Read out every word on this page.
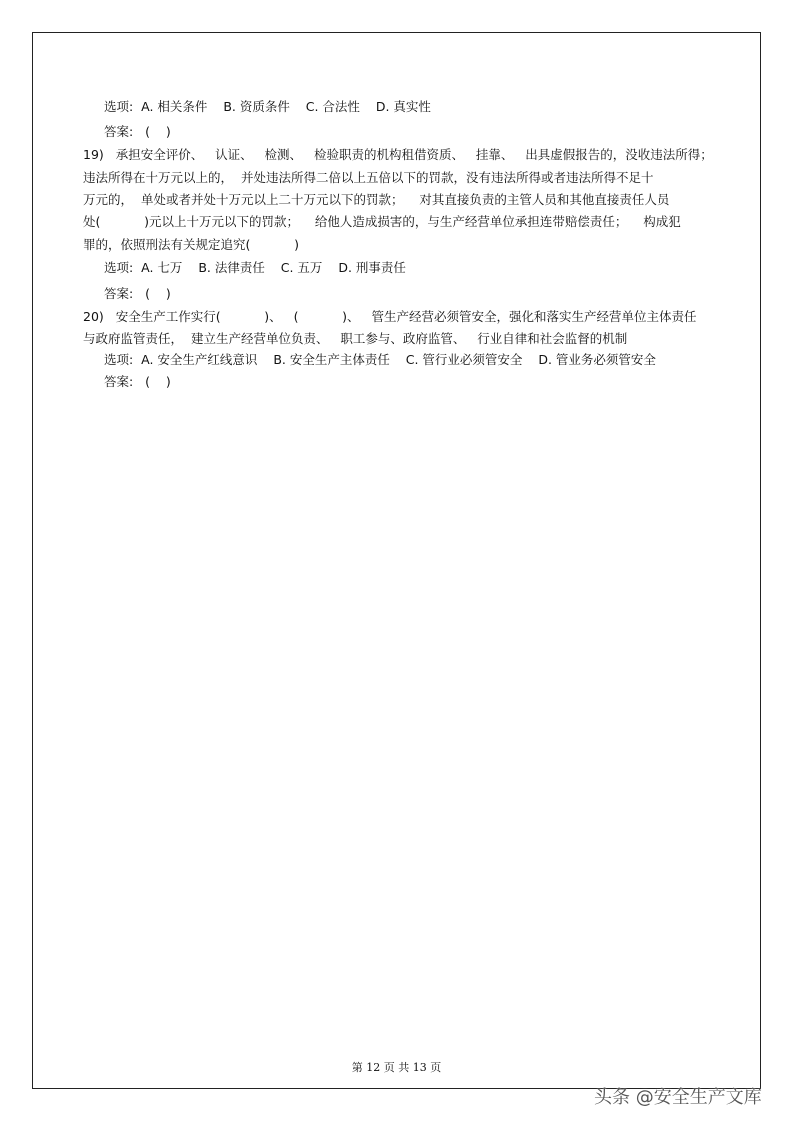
选项:  A. 相关条件    B. 资质条件    C. 合法性    D. 真实性
答案:   (    )
19)   承担安全评价、   认证、   检测、   检验职责的机构租借资质、   挂靠、   出具虚假报告的，没收违法所得；
违法所得在十万元以上的，  并处违法所得二倍以上五倍以下的罚款，没有违法所得或者违法所得不足十
万元的，  单处或者并处十万元以上二十万元以下的罚款；    对其直接负责的主管人员和其他直接责任人员
处(           )元以上十万元以下的罚款；    给他人造成损害的，与生产经营单位承担连带赔偿责任；    构成犯
罪的，依照刑法有关规定追究(           )
选项:  A. 七万    B. 法律责任    C. 五万    D. 刑事责任
答案:   (    )
20)   安全生产工作实行(           )、   (           )、   管生产经营必须管安全，强化和落实生产经营单位主体责任
与政府监管责任，  建立生产经营单位负责、   职工参与、政府监管、   行业自律和社会监督的机制
选项:  A. 安全生产红线意识    B. 安全生产主体责任    C. 管行业必须管安全    D. 管业务必须管安全
答案:   (    )
第 12 页 共 13 页
头条 @安全生产文库
